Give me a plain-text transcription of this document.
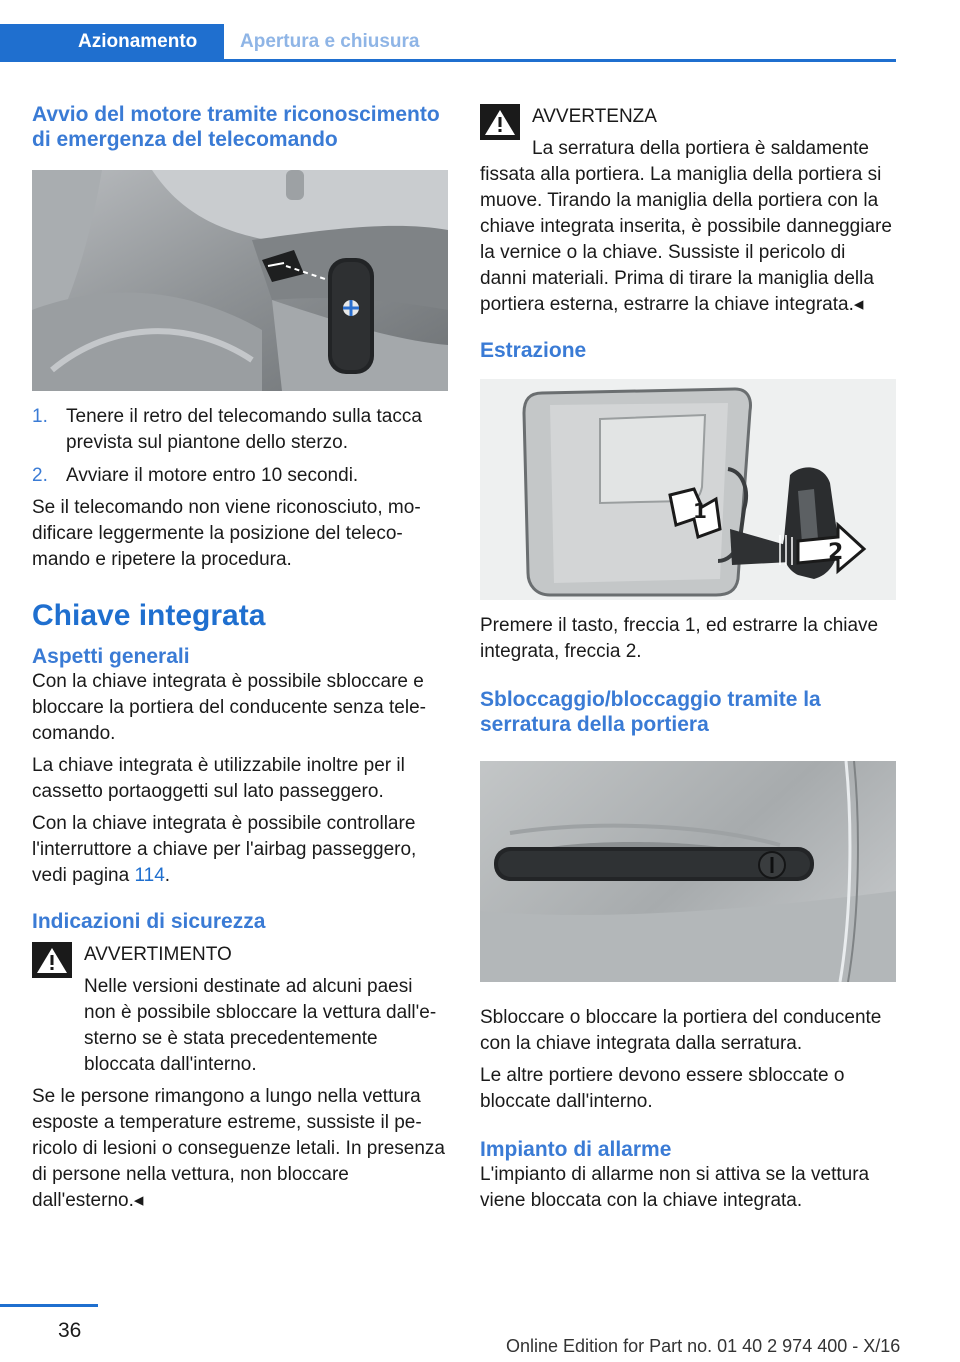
Azionamento	Apertura e chiusura
Avvio del motore tramite riconoscimento di emergenza del telecomando
1. Tenere il retro del telecomando sulla tacca prevista sul piantone dello sterzo.
2. Avviare il motore entro 10 secondi.

Se il telecomando non viene riconosciuto, modificare leggermente la posizione del telecomando e ripetere la procedura.

Chiave integrata
Aspetti generali

Con la chiave integrata è possibile sbloccare e bloccare la portiera del conducente senza telecomando.

La chiave integrata è utilizzabile inoltre per il cassetto portaoggetti sul lato passeggero.

Con la chiave integrata è possibile controllare l'interruttore a chiave per l'airbag passeggero, vedi pagina 114.

Indicazioni di sicurezza
AVVERTIMENTO

Nelle versioni destinate ad alcuni paesi non è possibile sbloccare la vettura dall'esterno se è stata precedentemente bloccata dall'interno.

Se le persone rimangono a lungo nella vettura esposte a temperature estreme, sussiste il pericolo di lesioni o conseguenze letali. In presenza di persone nella vettura, non bloccare dall'esterno.◂

AVVERTENZA

La serratura della portiera è saldamente fissata alla portiera. La maniglia della portiera si muove. Tirando la maniglia della portiera con la chiave integrata inserita, è possibile danneggiare la vernice o la chiave. Sussiste il pericolo di danni materiali. Prima di tirare la maniglia della portiera esterna, estrarre la chiave integrata.◂

Estrazione
1
2

Premere il tasto, freccia 1, ed estrarre la chiave integrata, freccia 2.

Sbloccaggio/bloccaggio tramite la serratura della portiera

Sbloccare o bloccare la portiera del conducente con la chiave integrata dalla serratura.

Le altre portiere devono essere sbloccate o bloccate dall'interno.

Impianto di allarme

L'impianto di allarme non si attiva se la vettura viene bloccata con la chiave integrata.

36
Online Edition for Part no. 01 40 2 974 400 - X/16
